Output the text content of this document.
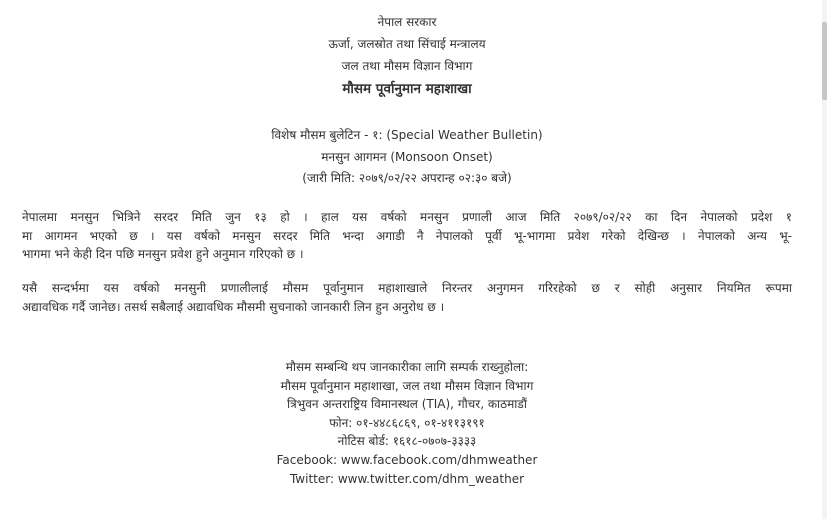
नेपाल सरकार
ऊर्जा, जलस्रोत तथा सिंचाई मन्त्रालय
जल तथा मौसम विज्ञान विभाग
मौसम पूर्वानुमान महाशाखा
विशेष मौसम बुलेटिन - १: (Special Weather Bulletin)
मनसुन आगमन (Monsoon Onset)
(जारी मिति: २०७९/०२/२२ अपरान्ह ०२:३० बजे)

नेपालमा मनसुन भित्रिने सरदर मिति जुन १३ हो । हाल यस वर्षको मनसुन प्रणाली आज मिति २०७९/०२/२२ का दिन नेपालको प्रदेश १

मा आगमन भएको छ । यस वर्षको मनसुन सरदर मिति भन्दा अगाडी नै नेपालको पूर्वी भू-भागमा प्रवेश गरेको देखिन्छ । नेपालको अन्य भू-

भागमा भने केही दिन पछि मनसुन प्रवेश हुने अनुमान गरिएको छ ।

यसै सन्दर्भमा यस वर्षको मनसुनी प्रणालीलाई मौसम पूर्वानुमान महाशाखाले निरन्तर अनुगमन गरिरहेको छ र सोही अनुसार नियमित रूपमा

अद्यावधिक गर्दै जानेछ। तसर्थ सबैलाई अद्यावधिक मौसमी सुचनाको जानकारी लिन हुन अनुरोध छ ।

मौसम सम्बन्धि थप जानकारीका लागि सम्पर्क राख्नुहोला:
मौसम पूर्वानुमान महाशाखा, जल तथा मौसम विज्ञान विभाग
त्रिभुवन अन्तराष्ट्रिय विमानस्थल (TIA), गौचर, काठमाडौं
फोन: ०१-४४८६८६९, ०१-४११३१९१
नोटिस बोर्ड: १६१८-०७०७-३३३३
Facebook: www.facebook.com/dhmweather
Twitter: www.twitter.com/dhm_weather
